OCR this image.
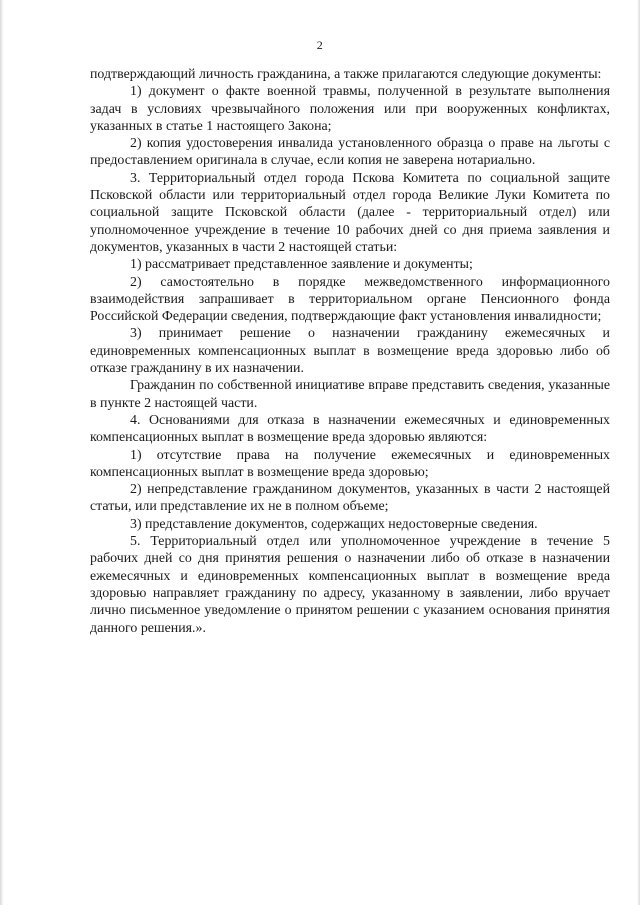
2

подтверждающий личность гражданина, а также прилагаются следующие документы:

1) документ о факте военной травмы, полученной в результате выполнения задач в условиях чрезвычайного положения или при вооруженных конфликтах, указанных в статье 1 настоящего Закона;

2) копия удостоверения инвалида установленного образца о праве на льготы с предоставлением оригинала в случае, если копия не заверена нотариально.

3. Территориальный отдел города Пскова Комитета по социальной защите Псковской области или территориальный отдел города Великие Луки Комитета по социальной защите Псковской области (далее - территориальный отдел) или уполномоченное учреждение в течение 10 рабочих дней со дня приема заявления и документов, указанных в части 2 настоящей статьи:

1) рассматривает представленное заявление и документы;

2) самостоятельно в порядке межведомственного информационного взаимодействия запрашивает в территориальном органе Пенсионного фонда Российской Федерации сведения, подтверждающие факт установления инвалидности;

3) принимает решение о назначении гражданину ежемесячных и единовременных компенсационных выплат в возмещение вреда здоровью либо об отказе гражданину в их назначении.

Гражданин по собственной инициативе вправе представить сведения, указанные в пункте 2 настоящей части.

4. Основаниями для отказа в назначении ежемесячных и единовременных компенсационных выплат в возмещение вреда здоровью являются:

1) отсутствие права на получение ежемесячных и единовременных компенсационных выплат в возмещение вреда здоровью;

2) непредставление гражданином документов, указанных в части 2 настоящей статьи, или представление их не в полном объеме;

3) представление документов, содержащих недостоверные сведения.

5. Территориальный отдел или уполномоченное учреждение в течение 5 рабочих дней со дня принятия решения о назначении либо об отказе в назначении ежемесячных и единовременных компенсационных выплат в возмещение вреда здоровью направляет гражданину по адресу, указанному в заявлении, либо вручает лично письменное уведомление о принятом решении с указанием основания принятия данного решения.».
